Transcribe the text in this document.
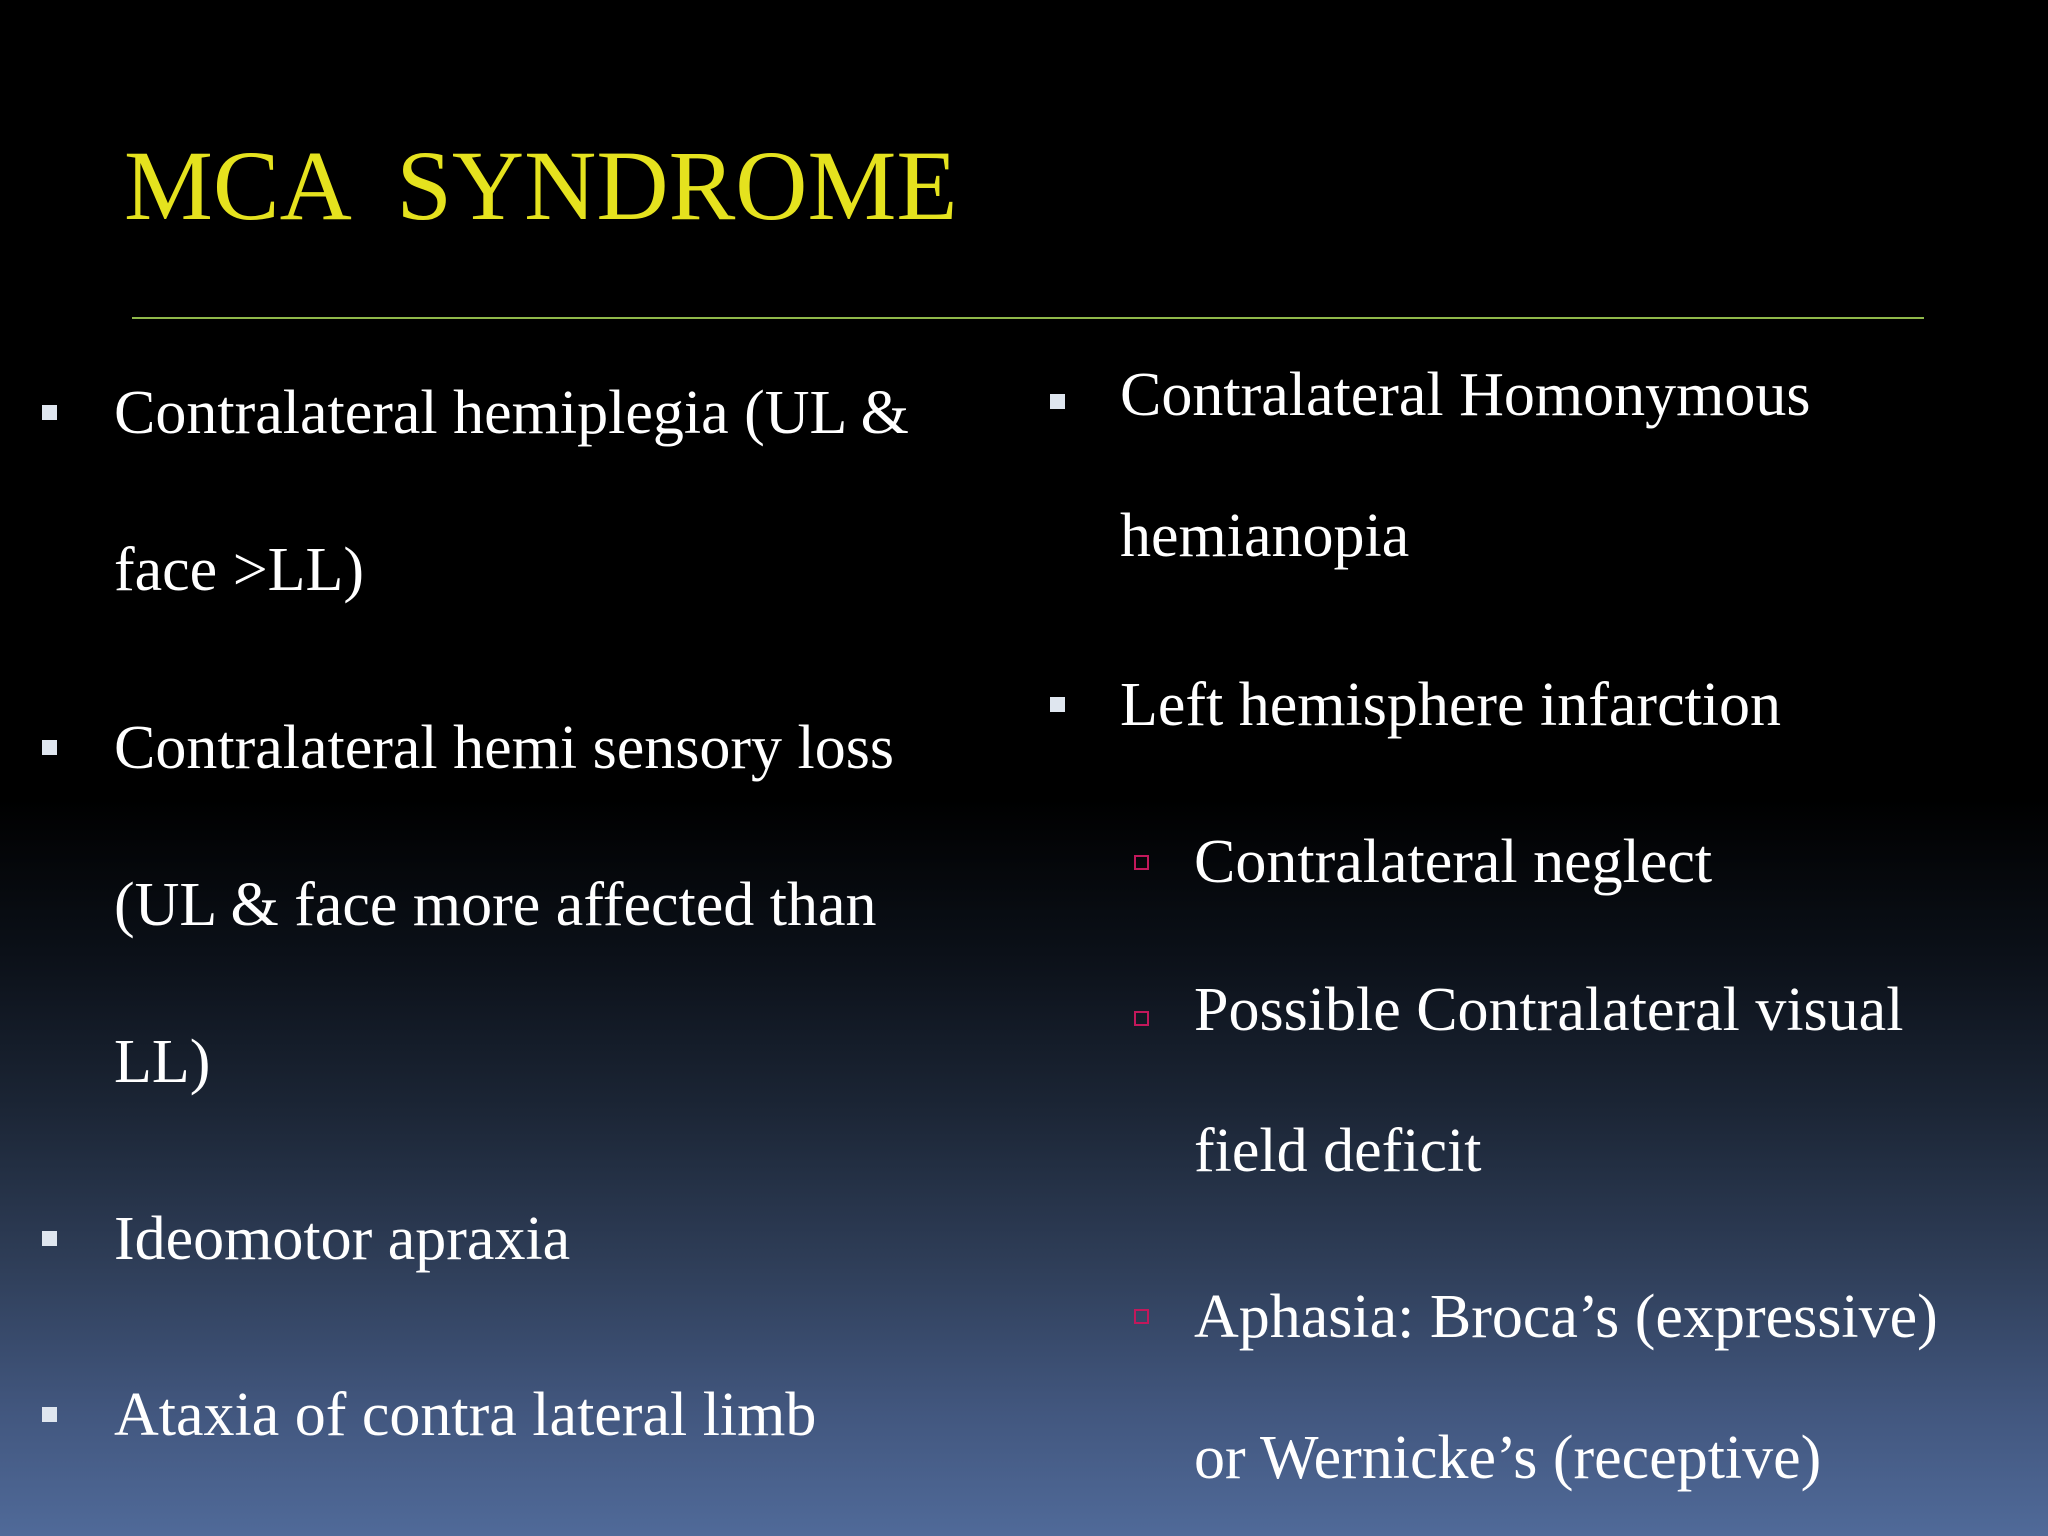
MCA  SYNDROME
Contralateral hemiplegia (UL &
face >LL)
Contralateral hemi sensory loss
(UL & face more affected than
LL)
Ideomotor apraxia
Ataxia of contra lateral limb
Contralateral Homonymous
hemianopia
Left hemisphere infarction
Contralateral neglect
Possible Contralateral visual
field deficit
Aphasia: Broca’s (expressive)
or Wernicke’s (receptive)
